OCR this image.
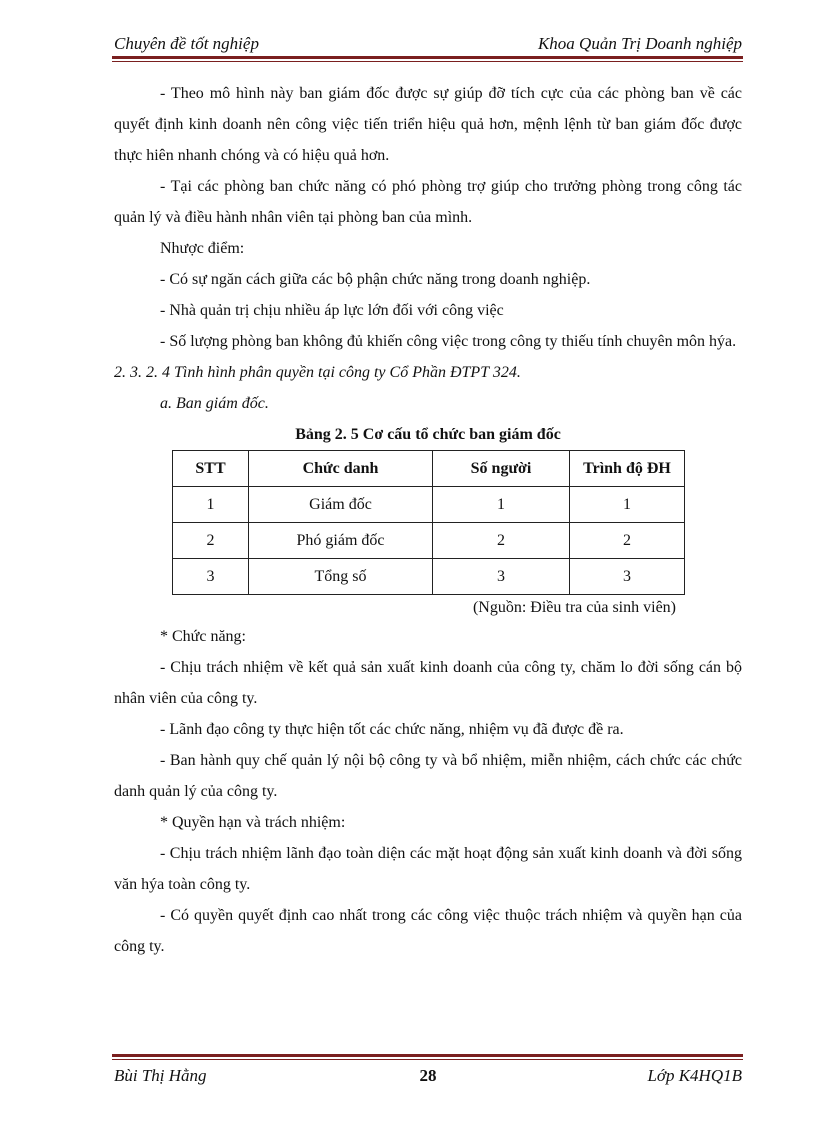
Chuyên đề tốt nghiệp	Khoa Quản Trị Doanh nghiệp

- Theo mô hình này ban giám đốc được sự giúp đỡ tích cực của các phòng ban về các quyết định kinh doanh nên công việc tiến triển hiệu quả hơn, mệnh lệnh từ ban giám đốc được thực hiên nhanh chóng và có hiệu quả hơn.

- Tại các phòng ban chức năng có phó phòng trợ giúp cho trưởng phòng trong công tác quản lý và điều hành nhân viên tại phòng ban của mình.

Nhược điểm:

- Có sự ngăn cách giữa các bộ phận chức năng trong doanh nghiệp.

- Nhà quản trị chịu nhiều áp lực lớn đối với công việc

- Số lượng phòng ban không đủ khiến công việc trong công ty thiếu tính chuyên môn hýa.

2. 3. 2. 4 Tình hình phân quyền tại công ty Cổ Phần ĐTPT 324.

a. Ban giám đốc.

Bảng 2. 5 Cơ cấu tổ chức ban giám đốc

STT	Chức danh	Số người	Trình độ ĐH
1	Giám đốc	1	1
2	Phó giám đốc	2	2
3	Tổng số	3	3

(Nguồn: Điều tra của sinh viên)

* Chức năng:

- Chịu trách nhiệm về kết quả sản xuất kinh doanh của công ty, chăm lo đời sống cán bộ nhân viên của công ty.

- Lãnh đạo công ty thực hiện tốt các chức năng, nhiệm vụ đã được đề ra.

- Ban hành quy chế quản lý nội bộ công ty và bổ nhiệm, miễn nhiệm, cách chức các chức danh quản lý của công ty.

* Quyền hạn và trách nhiệm:

- Chịu trách nhiệm lãnh đạo toàn diện các mặt hoạt động sản xuất kinh doanh và đời sống văn hýa toàn công ty.

- Có quyền quyết định cao nhất trong các công việc thuộc trách nhiệm và quyền hạn của công ty.

Bùi Thị Hằng	28	Lớp K4HQ1B
